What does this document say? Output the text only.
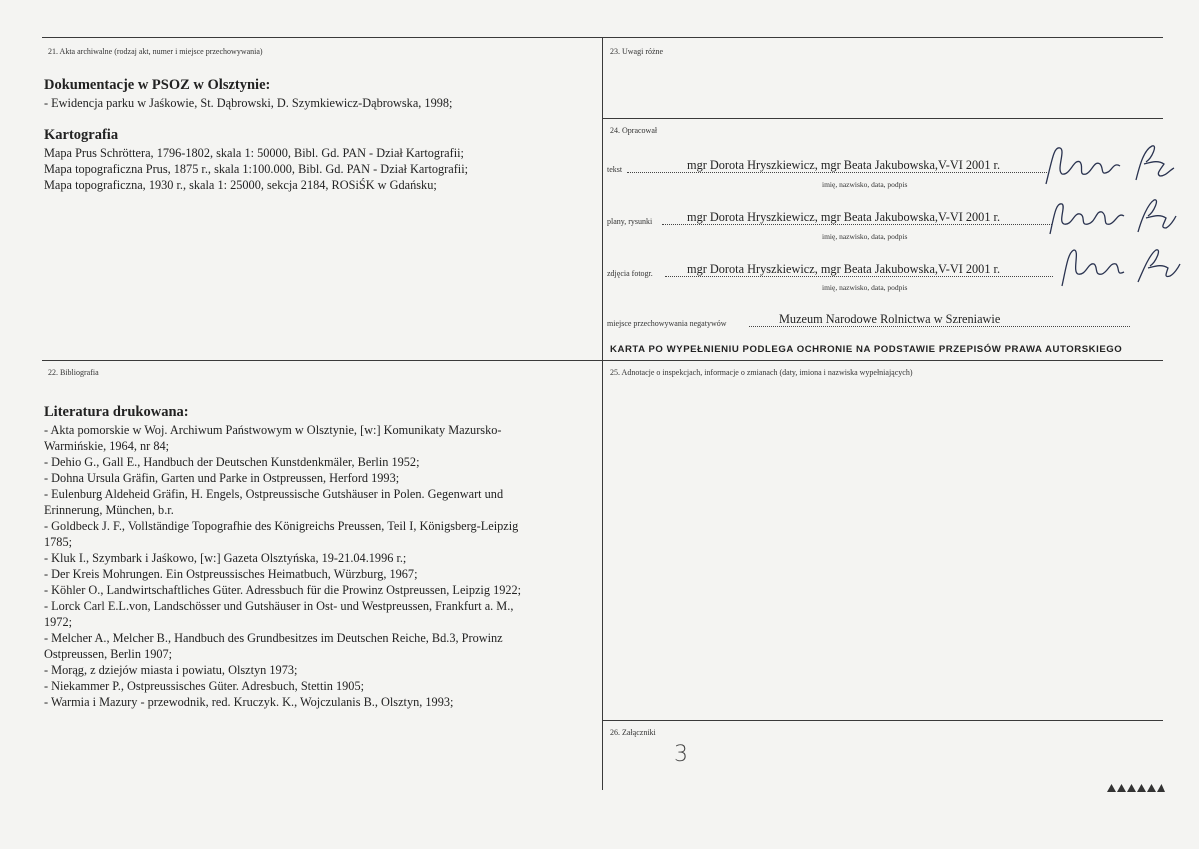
21. Akta archiwalne (rodzaj akt, numer i miejsce przechowywania)
Dokumentacje w PSOZ w Olsztynie:
- Ewidencja parku w Jaśkowie, St. Dąbrowski, D. Szymkiewicz-Dąbrowska, 1998;
Kartografia
Mapa Prus Schröttera, 1796-1802, skala 1: 50000, Bibl. Gd. PAN - Dział Kartografii;
Mapa topograficzna Prus, 1875 r., skala 1:100.000, Bibl. Gd. PAN - Dział Kartografii;
Mapa topograficzna, 1930 r., skala 1: 25000, sekcja 2184, ROSiŚK w Gdańsku;
23. Uwagi różne
24. Opracował
tekst	mgr Dorota Hryszkiewicz, mgr Beata Jakubowska,V-VI 2001 r.
imię, nazwisko, data, podpis
plany, rysunki	mgr Dorota Hryszkiewicz, mgr Beata Jakubowska,V-VI 2001 r.
imię, nazwisko, data, podpis
zdjęcia fotogr.	mgr Dorota Hryszkiewicz, mgr Beata Jakubowska,V-VI 2001 r.
imię, nazwisko, data, podpis
miejsce przechowywania negatywów	Muzeum Narodowe Rolnictwa w Szreniawie
KARTA PO WYPEŁNIENIU PODLEGA OCHRONIE NA PODSTAWIE PRZEPISÓW PRAWA AUTORSKIEGO
22. Bibliografia
Literatura drukowana:
- Akta pomorskie w Woj. Archiwum Państwowym w Olsztynie, [w:] Komunikaty Mazursko-
Warmińskie, 1964, nr 84;
- Dehio G., Gall E., Handbuch der Deutschen Kunstdenkmäler, Berlin 1952;
- Dohna Ursula Gräfin, Garten und Parke in Ostpreussen, Herford 1993;
- Eulenburg Aldeheid Gräfin, H. Engels, Ostpreussische Gutshäuser in Polen. Gegenwart und
Erinnerung, München, b.r.
- Goldbeck J. F., Vollständige Topografhie des Königreichs Preussen, Teil I, Königsberg-Leipzig
1785;
- Kluk I., Szymbark i Jaśkowo, [w:] Gazeta Olsztyńska, 19-21.04.1996 r.;
- Der Kreis Mohrungen. Ein Ostpreussisches Heimatbuch, Würzburg, 1967;
- Köhler O., Landwirtschaftliches Güter. Adressbuch für die Prowinz Ostpreussen, Leipzig 1922;
- Lorck Carl E.L.von, Landschösser und Gutshäuser in Ost- und Westpreussen, Frankfurt a. M.,
1972;
- Melcher A., Melcher B., Handbuch des Grundbesitzes im Deutschen Reiche, Bd.3, Prowinz
Ostpreussen, Berlin 1907;
- Morąg, z dziejów miasta i powiatu, Olsztyn 1973;
- Niekammer P., Ostpreussisches Güter. Adresbuch, Stettin 1905;
- Warmia i Mazury - przewodnik, red. Kruczyk. K., Wojczulanis B., Olsztyn, 1993;
25. Adnotacje o inspekcjach, informacje o zmianach (daty, imiona i nazwiska wypełniających)
26. Załączniki
3
